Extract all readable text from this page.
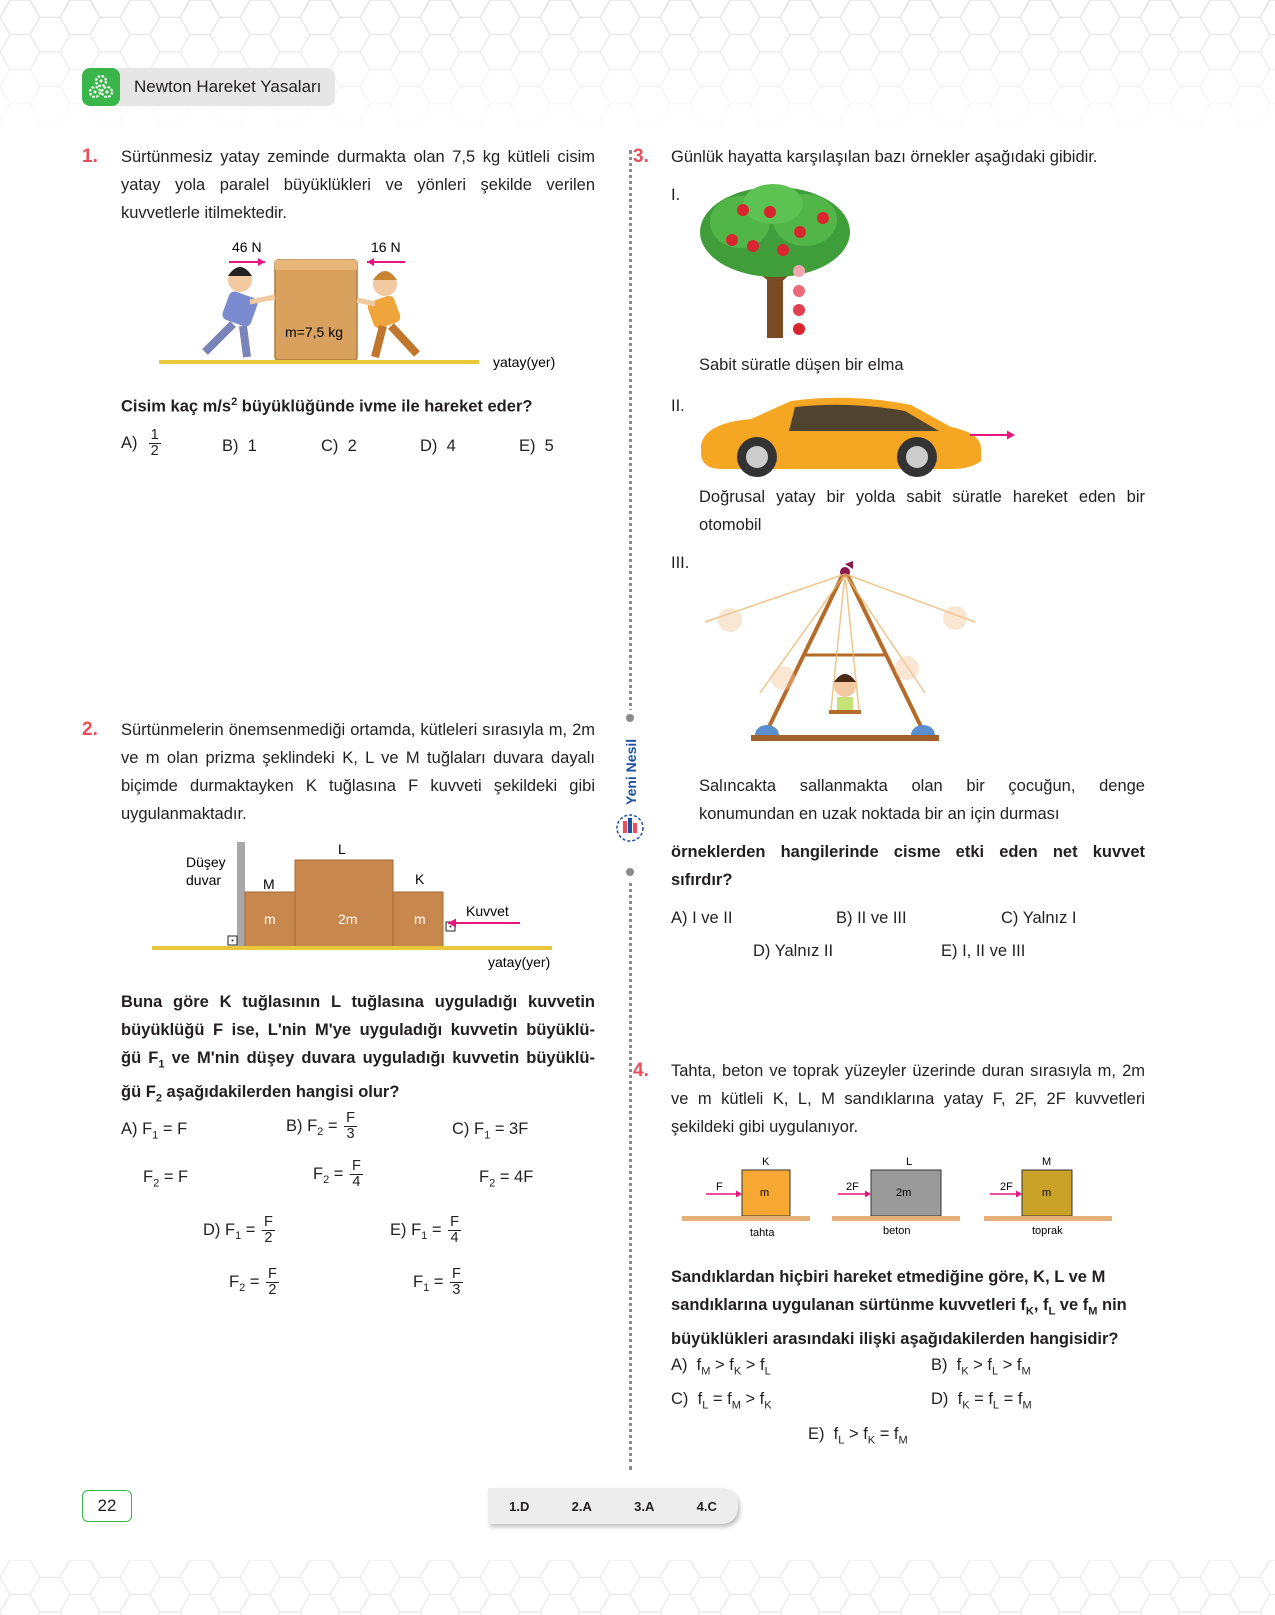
Newton Hareket Yasaları
1. Sürtünmesiz yatay zeminde durmakta olan 7,5 kg kütleli cisim yatay yola paralel büyüklükleri ve yönleri şekilde verilen kuvvetlerle itilmektedir.
46 N	16 N
m=7,5 kg
yatay(yer)
Cisim kaç $m/s^2$ büyüklüğünde ivme ile hareket eder?
$A) \frac{1}{2}$	B) 1	C) 2	D) 4	E) 5
2. Sürtünmelerin önemsenmediği ortamda, kütleleri sırasıyla m, 2m ve m olan prizma şeklindeki K, L ve M tuğlaları duvara dayalı biçimde durmaktayken K tuğlasına F kuvveti şekildeki gibi uygulanmaktadır.
Düşey
duvar	M
m
L
2m
K
m	Kuvvet
yatay(yer)
Buna göre K tuğlasının L tuğlasına uyguladığı kuvvetin
büyüklüğü F ise, L'nin M'ye uyguladığı kuvvetin büyüklü-
ğü $F_1$ ve M'nin düşey duvara uyguladığı kuvvetin büyüklü-
ğü $F_2$ aşağıdakilerden hangisi olur?
A) $F_1 = F$
$F_2 = F$
B) $F_2 = \frac{F}{3}$
$F_2 = \frac{F}{4}$
C) $F_1 = 3F$
$F_2 = 4F$
D) $F_1 = \frac{F}{2}$
$F_2 = \frac{F}{2}$
E) $F_1 = \frac{F}{4}$
$F_1 = \frac{F}{3}$
Yeni Nesil
3. Günlük hayatta karşılaşılan bazı örnekler aşağıdaki gibidir.
I.
Sabit süratle düşen bir elma
II.
Doğrusal yatay bir yolda sabit süratle hareket eden bir otomobil
III.
Salıncakta sallanmakta olan bir çocuğun, denge konumundan en uzak noktada bir an için durması
örneklerden hangilerinde cisme etki eden net kuvvet sıfırdır?
A) I ve II	B) II ve III	C) Yalnız I
D) Yalnız II	E) I, II ve III
4. Tahta, beton ve toprak yüzeyler üzerinde duran sırasıyla m, 2m ve m kütleli K, L, M sandıklarına yatay F, 2F, 2F kuvvetleri şekildeki gibi uygulanıyor.
K
m
F
tahta
L
2m
2F
beton
M
m
2F
toprak
Sandıklardan hiçbiri hareket etmediğine göre, K, L ve M
sandıklarına uygulanan sürtünme kuvvetleri $f_K$, $f_L$ ve $f_M$ nin
büyüklükleri arasındaki ilişki aşağıdakilerden hangisidir?
A) $f_M > f_K > f_L$	B) $f_K > f_L > f_M$
C) $f_L = f_M > f_K$	D) $f_K = f_L = f_M$
E) $f_L > f_K = f_M$
22	1.D	2.A	3.A	4.C
